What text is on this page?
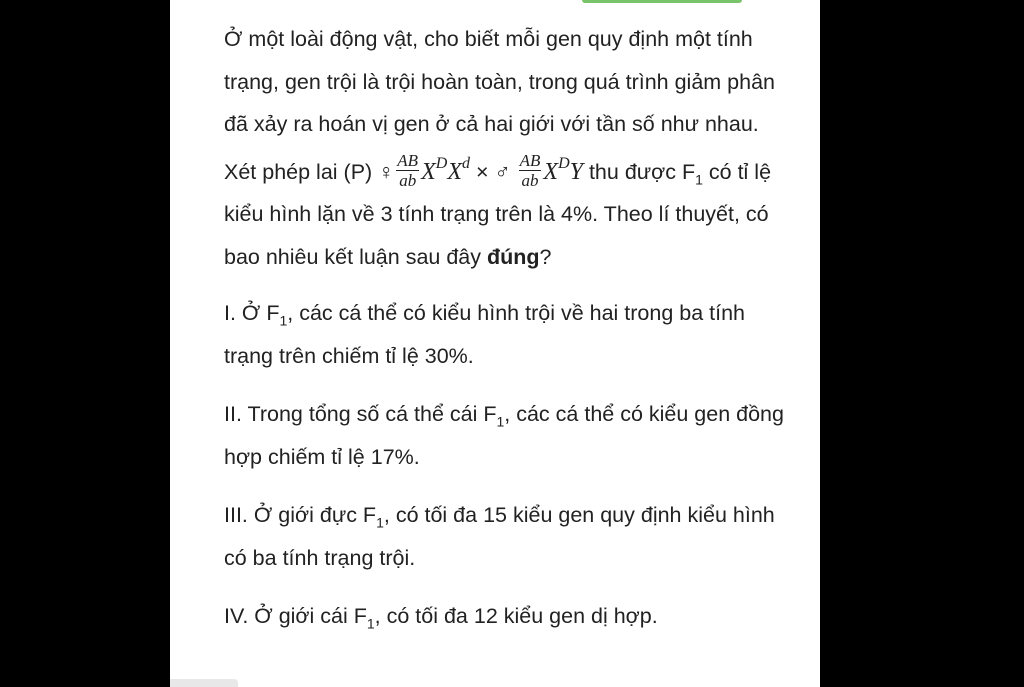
Ở một loài động vật, cho biết mỗi gen quy định một tính trạng, gen trội là trội hoàn toàn, trong quá trình giảm phân đã xảy ra hoán vị gen ở cả hai giới với tần số như nhau. Xét phép lai (P) ♀ $\frac{AB}{ab} X^DX^d$ × ♂ $\frac{AB}{ab} X^DY$ thu được $F_1$ có tỉ lệ kiểu hình lặn về 3 tính trạng trên là 4%. Theo lí thuyết, có bao nhiêu kết luận sau đây đúng?

I. Ở $F_1$, các cá thể có kiểu hình trội về hai trong ba tính trạng trên chiếm tỉ lệ 30%.

II. Trong tổng số cá thể cái $F_1$, các cá thể có kiểu gen đồng hợp chiếm tỉ lệ 17%.

III. Ở giới đực $F_1$, có tối đa 15 kiểu gen quy định kiểu hình có ba tính trạng trội.

IV. Ở giới cái $F_1$, có tối đa 12 kiểu gen dị hợp.
